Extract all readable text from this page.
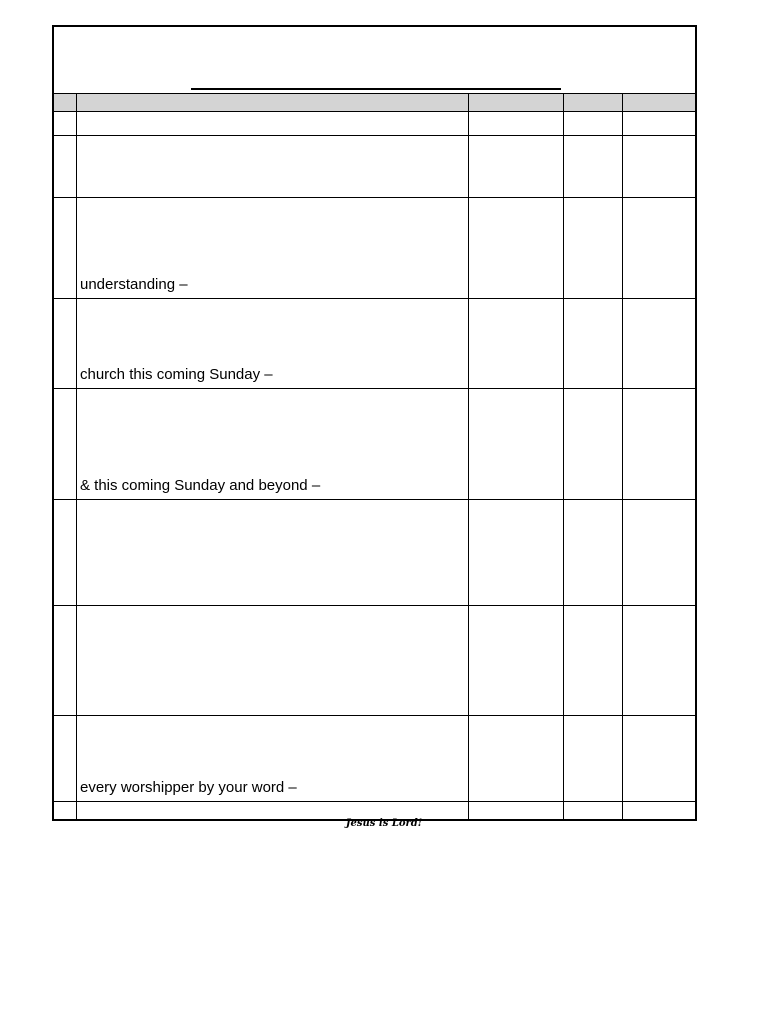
understanding –
church this coming Sunday –
& this coming Sunday and beyond –
every worshipper by your word –
Jesus is Lord!
